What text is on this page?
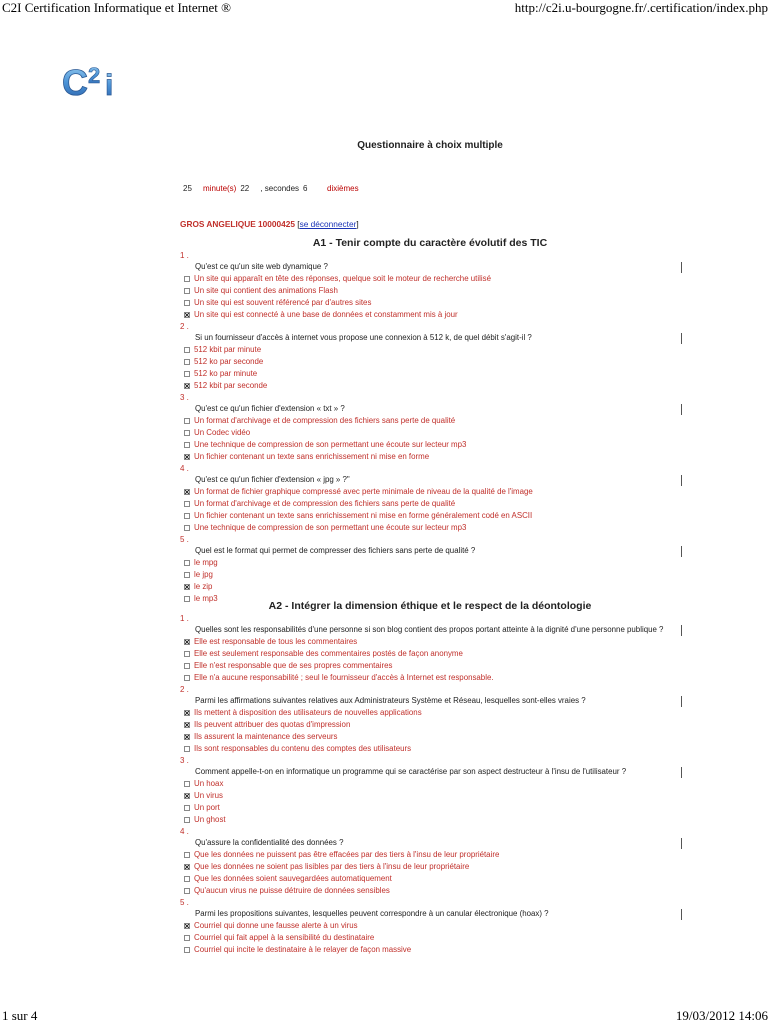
C2I Certification Informatique et Internet ®	http://c2i.u-bourgogne.fr/.certification/index.php
C 2 i
Questionnaire à choix multiple
25
minute(s)
22	, secondes
6	dixièmes
GROS ANGELIQUE 10000425 [se déconnecter]
A1 - Tenir compte du caractère évolutif des TIC
1 .
Qu'est ce qu'un site web dynamique ?
Un site qui apparaît en tête des réponses, quelque soit le moteur de recherche utilisé
Un site qui contient des animations Flash
Un site qui est souvent référencé par d'autres sites
Un site qui est connecté à une base de données et constamment mis à jour
2 .
Si un fournisseur d'accès à internet vous propose une connexion à 512 k, de quel débit s'agit-il ?
512 kbit par minute
512 ko par seconde
512 ko par minute
512 kbit par seconde
3 .
Qu'est ce qu'un fichier d'extension « txt » ?
Un format d'archivage et de compression des fichiers sans perte de qualité
Un Codec vidéo
Une technique de compression de son permettant une écoute sur lecteur mp3
Un fichier contenant un texte sans enrichissement ni mise en forme
4 .
Qu'est ce qu'un fichier d'extension « jpg » ?"
Un format de fichier graphique compressé avec perte minimale de niveau de la qualité de l'image
Un format d'archivage et de compression des fichiers sans perte de qualité
Un fichier contenant un texte sans enrichissement ni mise en forme généralement codé en ASCII
Une technique de compression de son permettant une écoute sur lecteur mp3
5 .
Quel est le format qui permet de compresser des fichiers sans perte de qualité ?
le mpg
le jpg
le zip
le mp3
A2 - Intégrer la dimension éthique et le respect de la déontologie
1 .
Quelles sont les responsabilités d'une personne si son blog contient des propos portant atteinte à la dignité d'une personne publique ?
Elle est responsable de tous les commentaires
Elle est seulement responsable des commentaires postés de façon anonyme
Elle n'est responsable que de ses propres commentaires
Elle n'a aucune responsabilité ; seul le fournisseur d'accès à Internet est responsable.
2 .
Parmi les affirmations suivantes relatives aux Administrateurs Système et Réseau, lesquelles sont-elles vraies ?
Ils mettent à disposition des utilisateurs de nouvelles applications
Ils peuvent attribuer des quotas d'impression
Ils assurent la maintenance des serveurs
Ils sont responsables du contenu des comptes des utilisateurs
3 .
Comment appelle-t-on en informatique un programme qui se caractérise par son aspect destructeur à l'insu de l'utilisateur ?
Un hoax
Un virus
Un port
Un ghost
4 .
Qu'assure la confidentialité des données ?
Que les données ne puissent pas être effacées par des tiers à l'insu de leur propriétaire
Que les données ne soient pas lisibles par des tiers à l'insu de leur propriétaire
Que les données soient sauvegardées automatiquement
Qu'aucun virus ne puisse détruire de données sensibles
5 .
Parmi les propositions suivantes, lesquelles peuvent correspondre à un canular électronique (hoax) ?
Courriel qui donne une fausse alerte à un virus
Courriel qui fait appel à la sensibilité du destinataire
Courriel qui incite le destinataire à le relayer de façon massive
1 sur 4	19/03/2012 14:06
